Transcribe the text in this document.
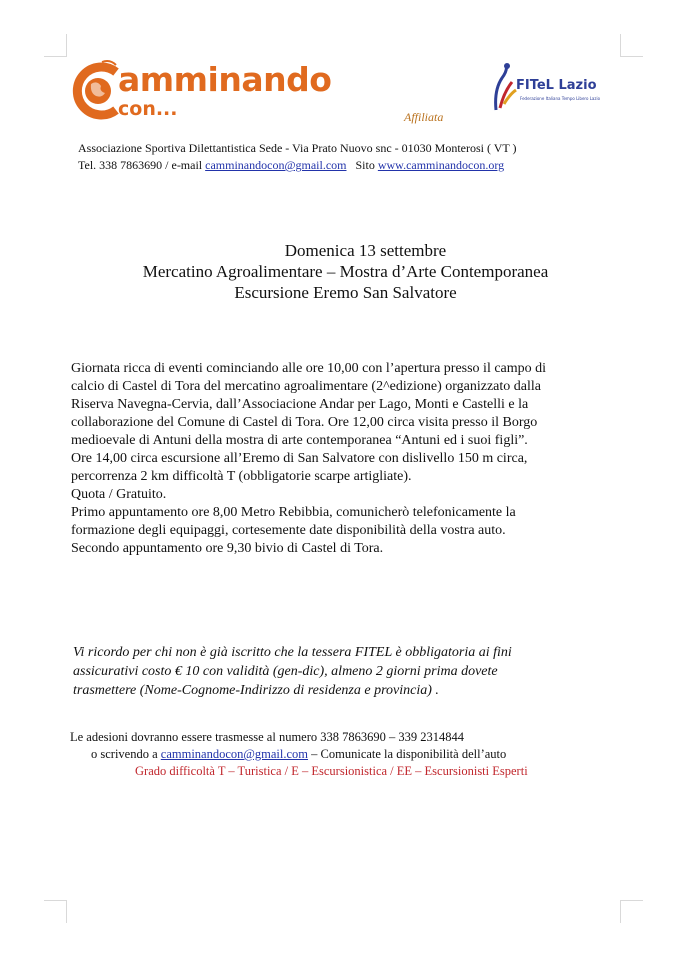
amminando
con...	Affiliata
FITeL Lazio
Federazione Italiana Tempo Libero Lazio
Associazione Sportiva Dilettantistica Sede - Via Prato Nuovo snc - 01030 Monterosi ( VT )
Tel. 338 7863690 / e-mail camminandocon@gmail.com   Sito www.camminandocon.org
Domenica 13 settembre
Mercatino Agroalimentare – Mostra d’Arte Contemporanea
Escursione Eremo San Salvatore
Giornata ricca di eventi cominciando alle ore 10,00 con l’apertura presso il campo di
calcio di Castel di Tora del mercatino agroalimentare (2^edizione) organizzato dalla
Riserva Navegna-Cervia, dall’Associacione Andar per Lago, Monti e Castelli e la
collaborazione del Comune di Castel di Tora. Ore 12,00 circa visita presso il Borgo
medioevale di Antuni della mostra di arte contemporanea “Antuni ed i suoi figli”.
Ore 14,00 circa escursione all’Eremo di San Salvatore con dislivello 150 m circa,
percorrenza 2 km difficoltà T (obbligatorie scarpe artigliate).
Quota / Gratuito.
Primo appuntamento ore 8,00 Metro Rebibbia, comunicherò telefonicamente la
formazione degli equipaggi, cortesemente date disponibilità della vostra auto.
Secondo appuntamento ore 9,30 bivio di Castel di Tora.
Vi ricordo per chi non è già iscritto che la tessera FITEL è obbligatoria ai fini
assicurativi costo € 10 con validità (gen-dic), almeno 2 giorni prima dovete
trasmettere (Nome-Cognome-Indirizzo di residenza e provincia) .
Le adesioni dovranno essere trasmesse al numero 338 7863690 – 339 2314844
o scrivendo a camminandocon@gmail.com – Comunicate la disponibilità dell’auto
Grado difficoltà T – Turistica / E – Escursionistica / EE – Escursionisti Esperti
